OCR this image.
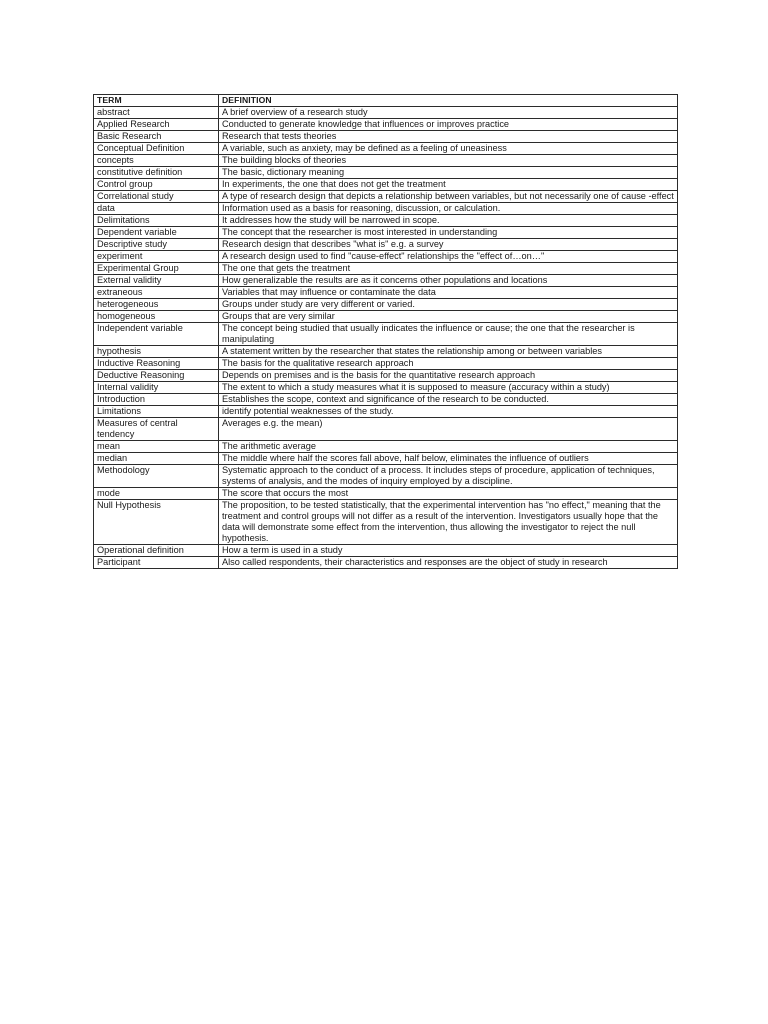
TERM	DEFINITION
abstract	A brief overview of a research study
Applied Research	Conducted to generate knowledge that influences or improves practice
Basic Research	Research that tests theories
Conceptual Definition	A variable, such as anxiety, may be defined as a feeling of uneasiness
concepts	The building blocks of theories
constitutive definition	The basic, dictionary meaning
Control group	In experiments, the one that does not get the treatment
Correlational study	A type of research design that depicts a relationship between variables, but not necessarily one of cause -effect
data	Information used as a basis for reasoning, discussion, or calculation.
Delimitations	It addresses how the study will be narrowed in scope.
Dependent variable	The concept that the researcher is most interested in understanding
Descriptive study	Research design that describes "what is" e.g. a survey
experiment	A research design used to find "cause-effect" relationships the "effect of…on…"
Experimental Group	The one that gets the treatment
External validity	How generalizable the results are as it concerns other populations and locations
extraneous	Variables that may influence or contaminate the data
heterogeneous	Groups under study are very different or varied.
homogeneous	Groups that are very similar
Independent variable	The concept being studied that usually indicates the influence or cause; the one that the researcher is manipulating
hypothesis	A statement written by the researcher that states the relationship among or between variables
Inductive Reasoning	The basis for the qualitative research approach
Deductive Reasoning	Depends on premises and is the basis for the quantitative research approach
Internal validity	The extent to which a study measures what it is supposed to measure (accuracy within a study)
Introduction	Establishes the scope, context and significance of the research to be conducted.
Limitations	identify potential weaknesses of the study.
Measures of central tendency	Averages e.g. the mean)
mean	The arithmetic average
median	The middle where half the scores fall above, half below, eliminates the influence of outliers
Methodology	Systematic approach to the conduct of a process. It includes steps of procedure, application of techniques, systems of analysis, and the modes of inquiry employed by a discipline.
mode	The score that occurs the most
Null Hypothesis	The proposition, to be tested statistically, that the experimental intervention has "no effect," meaning that the treatment and control groups will not differ as a result of the intervention. Investigators usually hope that the data will demonstrate some effect from the intervention, thus allowing the investigator to reject the null hypothesis.
Operational definition	How a term is used in a study
Participant	Also called respondents, their characteristics and responses are the object of study in research
